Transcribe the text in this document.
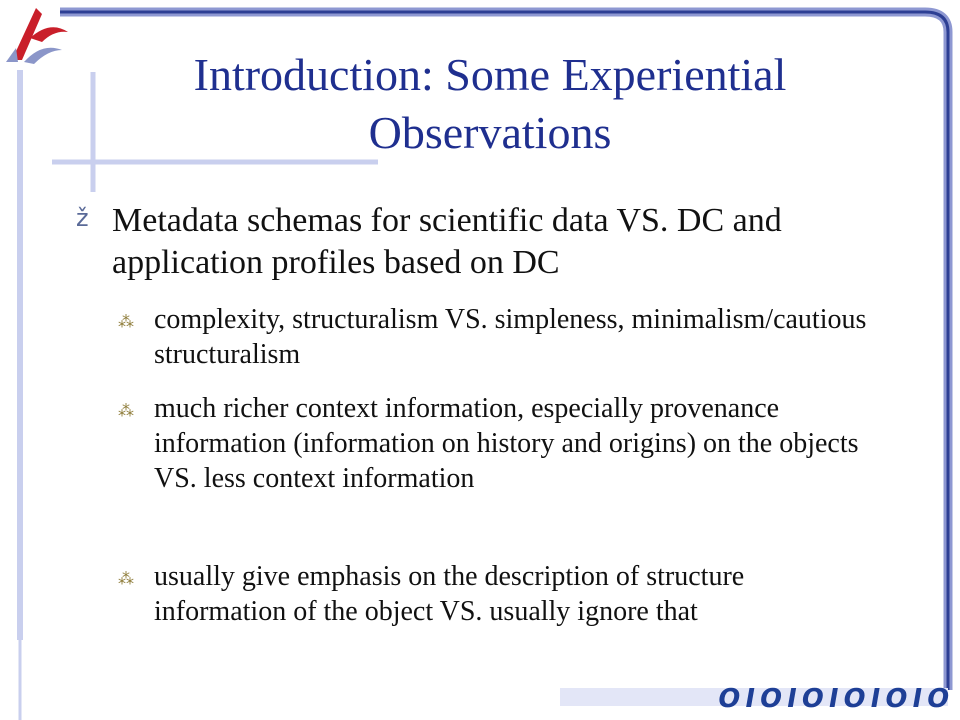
Introduction: Some Experiential
Observations
ž Metadata schemas for scientific data VS. DC and application profiles based on DC
⁂ complexity, structuralism VS. simpleness, minimalism/cautious structuralism
⁂ much richer context information, especially provenance information (information on history and origins) on the objects VS. less context information
⁂ usually give emphasis on the description of structure information of the object VS. usually ignore that
OIOIOIOIOIO
